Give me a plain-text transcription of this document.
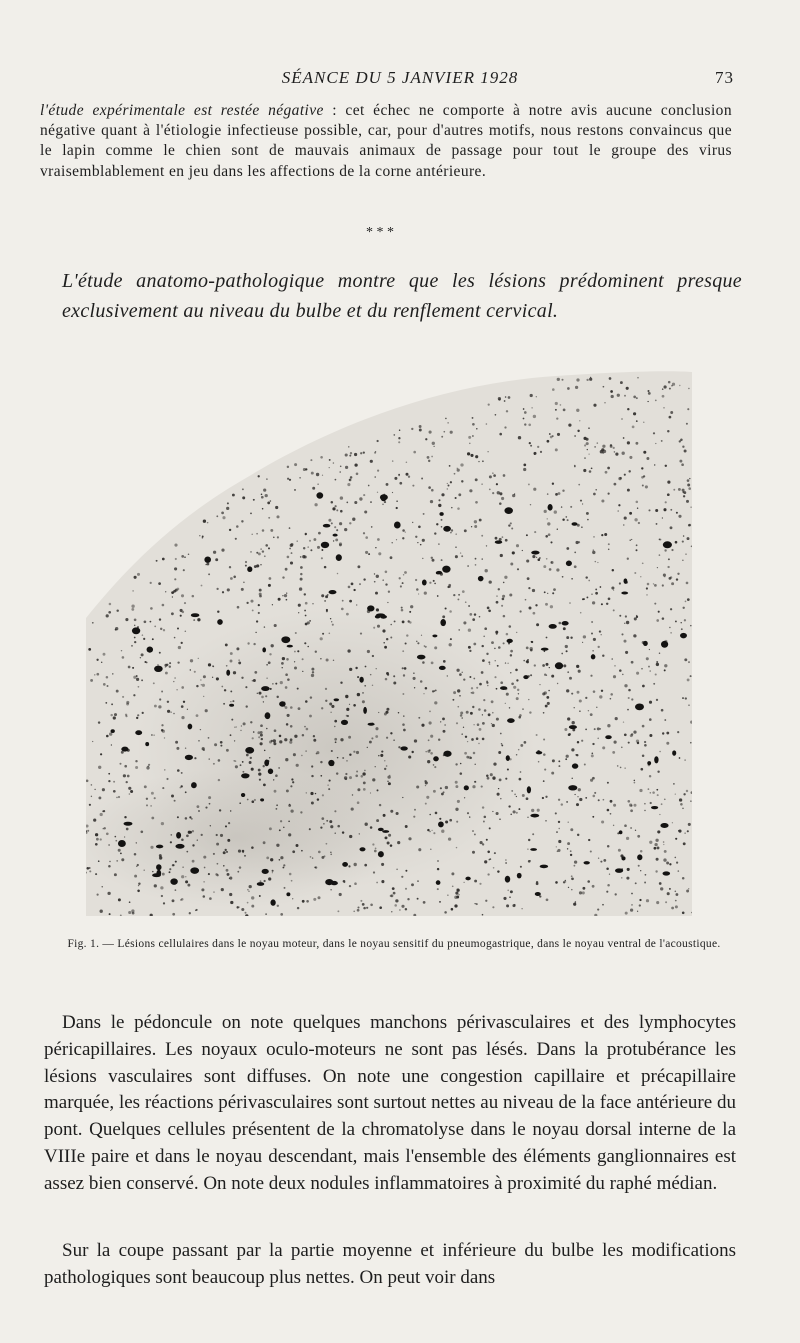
SÉANCE DU 5 JANVIER 1928	73

l'étude expérimentale est restée négative : cet échec ne comporte à notre avis aucune conclusion négative quant à l'étiologie infectieuse possible, car, pour d'autres motifs, nous restons convaincus que le lapin comme le chien sont de mauvais animaux de passage pour tout le groupe des virus vraisemblablement en jeu dans les affections de la corne antérieure.

* * *

L'étude anatomo-pathologique montre que les lésions prédominent presque exclusivement au niveau du bulbe et du renflement cervical.

Fig. 1. — Lésions cellulaires dans le noyau moteur, dans le noyau sensitif du pneumogastrique, dans le noyau ventral de l'acoustique.

Dans le pédoncule on note quelques manchons périvasculaires et des lymphocytes péricapillaires. Les noyaux oculo-moteurs ne sont pas lésés. Dans la protubérance les lésions vasculaires sont diffuses. On note une congestion capillaire et précapillaire marquée, les réactions périvasculaires sont surtout nettes au niveau de la face antérieure du pont. Quelques cellules présentent de la chromatolyse dans le noyau dorsal interne de la VIIIe paire et dans le noyau descendant, mais l'ensemble des éléments ganglionnaires est assez bien conservé. On note deux nodules inflammatoires à proximité du raphé médian.

Sur la coupe passant par la partie moyenne et inférieure du bulbe les modifications pathologiques sont beaucoup plus nettes. On peut voir dans
